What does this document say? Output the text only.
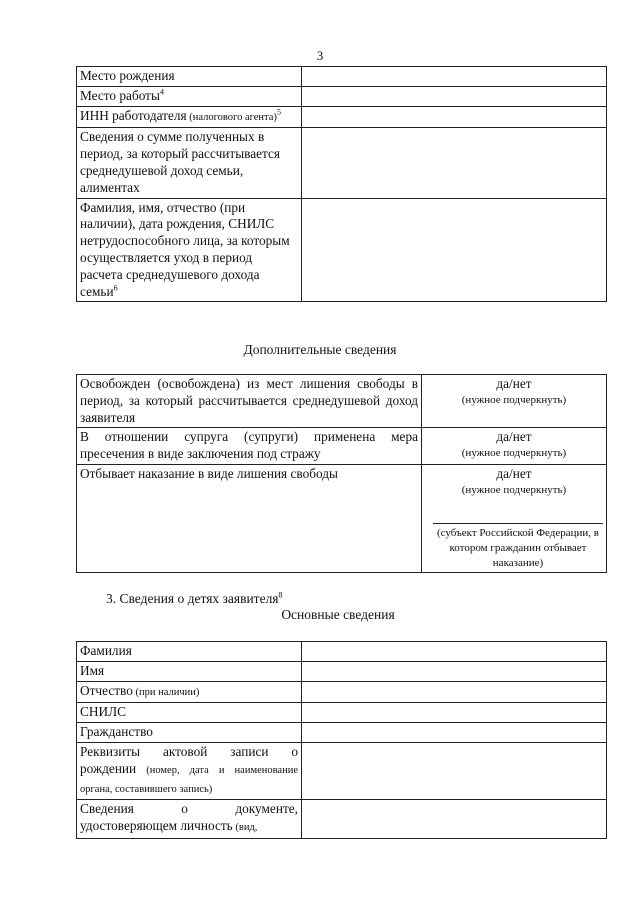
3
Место рождения	
Место работы$^4$	
ИНН работодателя (налогового агента)$^5$	
Сведения о сумме полученных в период, за который рассчитывается среднедушевой доход семьи, алиментах	
Фамилия, имя, отчество (при наличии), дата рождения, СНИЛС нетрудоспособного лица, за которым осуществляется уход в период расчета среднедушевого дохода семьи$^6$	
Дополнительные сведения
Освобожден (освобождена) из мест лишения свободы в период, за который рассчитывается среднедушевой доход заявителя	да/нет
(нужное подчеркнуть)

В отношении супруга (супруги) применена мера пресечения в виде заключения под стражу	да/нет
(нужное подчеркнуть)

Отбывает наказание в виде лишения свободы	да/нет
(нужное подчеркнуть)
(субъект Российской Федерации, в котором гражданин отбывает наказание)
3. Сведения о детях заявителя$^8$
Основные сведения
Фамилия	
Имя	
Отчество (при наличии)	
СНИЛС	
Гражданство	
Реквизиты актовой записи о рождении (номер, дата и наименование органа, составившего запись)	
Сведения о документе, удостоверяющем личность (вид,	
